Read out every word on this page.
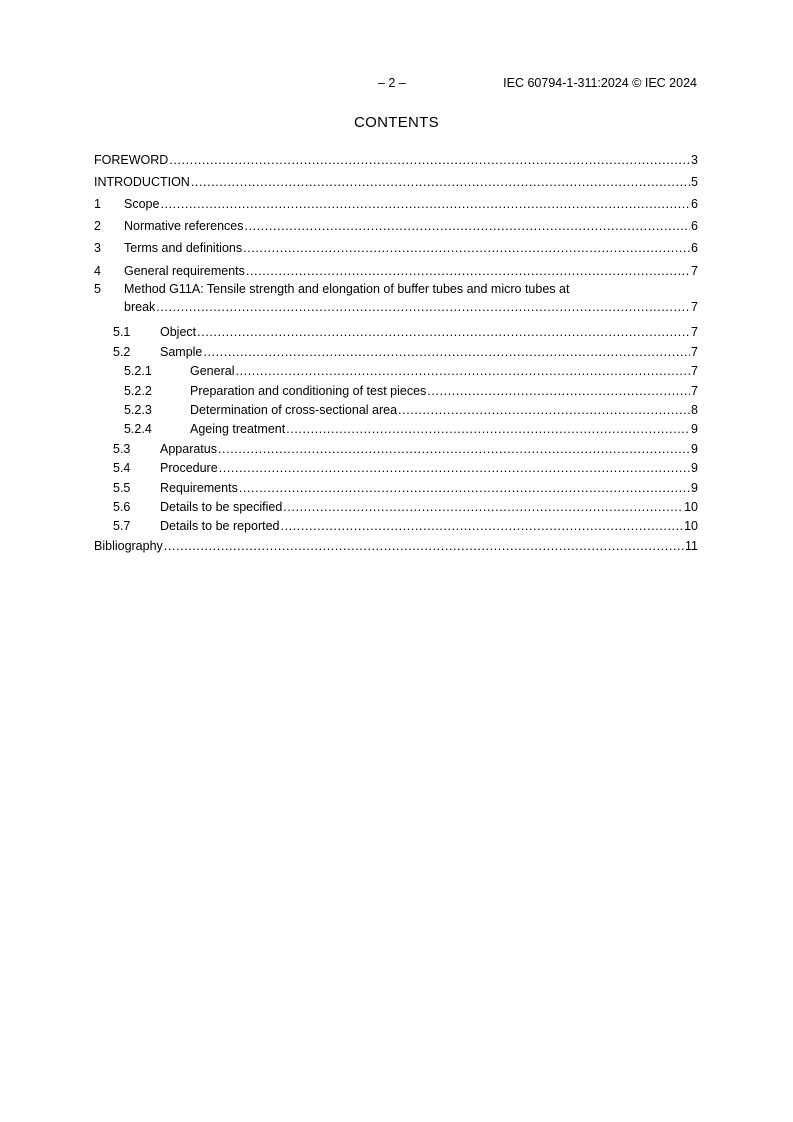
– 2 –	IEC 60794-1-311:2024 © IEC 2024
CONTENTS
FOREWORD .....	3
INTRODUCTION .....	5
1 Scope .....	6
2 Normative references .....	6
3 Terms and definitions .....	6
4 General requirements .....	7
5	Method G11A: Tensile strength and elongation of buffer tubes and micro tubes at
break .....	7
5.1 Object .....	7
5.2 Sample .....	7
5.2.1	General .....	7
5.2.2	Preparation and conditioning of test pieces .....	7
5.2.3	Determination of cross-sectional area .....	8
5.2.4	Ageing treatment .....	9
5.3 Apparatus .....	9
5.4 Procedure .....	9
5.5 Requirements .....	9
5.6 Details to be specified .....	10
5.7 Details to be reported .....	10
Bibliography .....	11
